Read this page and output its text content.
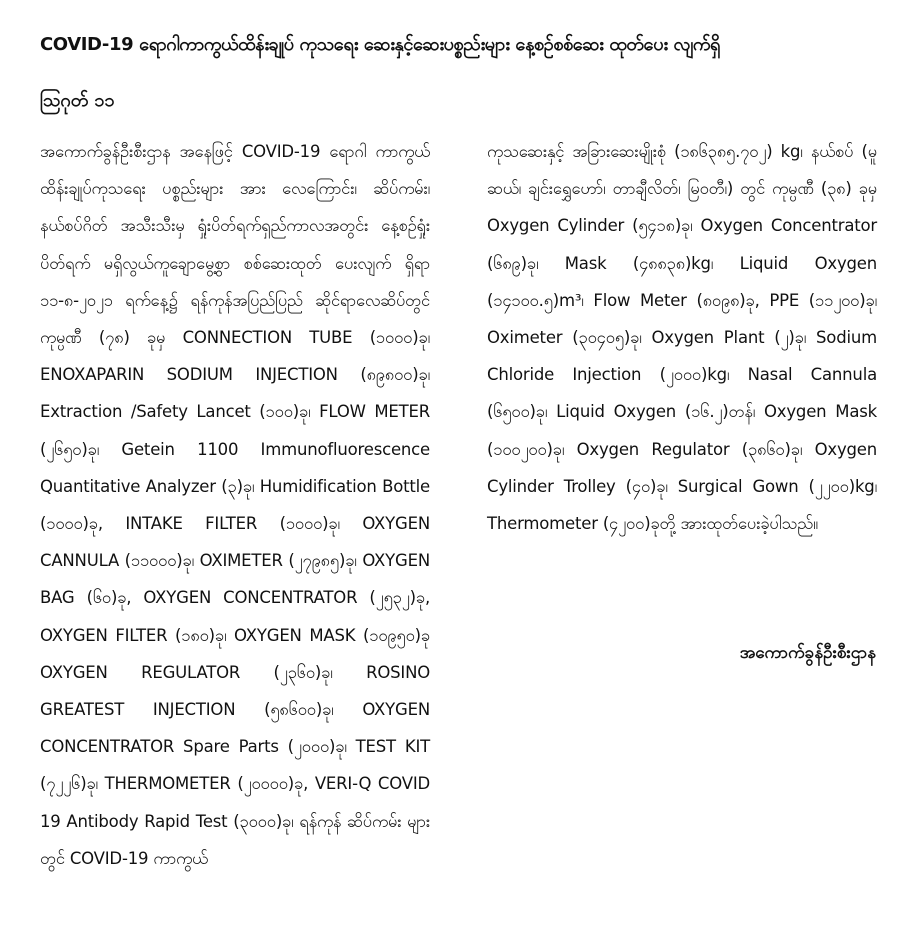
COVID-19 ရောဂါကာကွယ်ထိန်းချုပ် ကုသရေး ဆေးနှင့်ဆေးပစ္စည်းများ နေ့စဉ်စစ်ဆေး ထုတ်ပေး လျက်ရှိ
သြဂုတ် ၁၁
အကောက်ခွန်ဦးစီးဌာန အနေဖြင့် COVID-19 ရောဂါ ကာကွယ်ထိန်းချုပ်ကုသရေး ပစ္စည်းများ အား လေကြောင်း၊ ဆိပ်ကမ်း၊ နယ်စပ်ဂိတ် အသီးသီးမှ ရှုံးပိတ်ရက်ရှည်ကာလအတွင်း နေ့စဉ်ရှုံးပိတ်ရက် မရှိလွယ်ကူချောမွေ့စွာ စစ်ဆေးထုတ် ပေးလျက် ရှိရာ ၁၁-၈-၂၀၂၁ ရက်နေ့၌ ရန်ကုန်အပြည်ပြည် ဆိုင်ရာလေဆိပ်တွင် ကုမ္ပဏီ (၇၈) ခုမှ CONNECTION TUBE (၁၀၀၀)ခု၊ ENOXAPARIN SODIUM INJECTION (၈၉၈၀၀)ခု၊ Extraction /Safety Lancet (၁၀၀)ခု၊ FLOW METER (၂၆၅၀)ခု၊ Getein 1100 Immunofluorescence Quantitative Analyzer (၃)ခု၊ Humidification Bottle (၁၀၀၀)ခု, INTAKE FILTER (၁၀၀၀)ခု၊ OXYGEN CANNULA (၁၁၀၀၀)ခု၊ OXIMETER (၂၇၉၈၅)ခု၊ OXYGEN BAG (၆၀)ခု, OXYGEN CONCENTRATOR (၂၅၃၂)ခု, OXYGEN FILTER (၁၈၀)ခု၊ OXYGEN MASK (၁၀၉၅၀)ခု OXYGEN REGULATOR (၂၃၆၀)ခု၊ ROSINO GREATEST INJECTION (၅၈၆၀၀)ခု၊ OXYGEN CONCENTRATOR Spare Parts (၂၀၀၀)ခု၊ TEST KIT (၇၂၂၆)ခု၊ THERMOMETER (၂၀၀၀၀)ခု, VERI-Q COVID 19 Antibody Rapid Test (၃၀၀၀)ခု၊ ရန်ကုန် ဆိပ်ကမ်း များတွင် COVID-19 ကာကွယ်
ကုသဆေးနှင့် အခြားဆေးမျိုးစုံ (၁၈၆၃၈၅.၇၀၂) kg၊ နယ်စပ် (မူဆယ်၊ ချင်းရွှေဟော်၊ တာချီလိတ်၊ မြဝတီ၊) တွင် ကုမ္ပဏီ (၃၈) ခုမှ Oxygen Cylinder (၅၄၁၈)ခု၊ Oxygen Concentrator (၆၈၉)ခု၊ Mask (၄၈၈၃၈)kg၊ Liquid Oxygen (၁၄၁၀၀.၅)m³၊ Flow Meter (၈၀၉၈)ခု, PPE (၁၁၂၀၀)ခု၊ Oximeter (၃၀၄၀၅)ခု၊ Oxygen Plant (၂)ခု၊ Sodium Chloride Injection (၂၀၀၀)kg၊ Nasal Cannula (၆၅၀၀)ခု၊ Liquid Oxygen (၁၆.၂)တန်၊ Oxygen Mask (၁၀၀၂၀၀)ခု၊ Oxygen Regulator (၃၈၆၀)ခု၊ Oxygen Cylinder Trolley (၄၀)ခု၊ Surgical Gown (၂၂၀၀)kg၊ Thermometer (၄၂၀၀)ခုတို့ အားထုတ်ပေးခဲ့ပါသည်။
အကောက်ခွန်ဦးစီးဌာန
